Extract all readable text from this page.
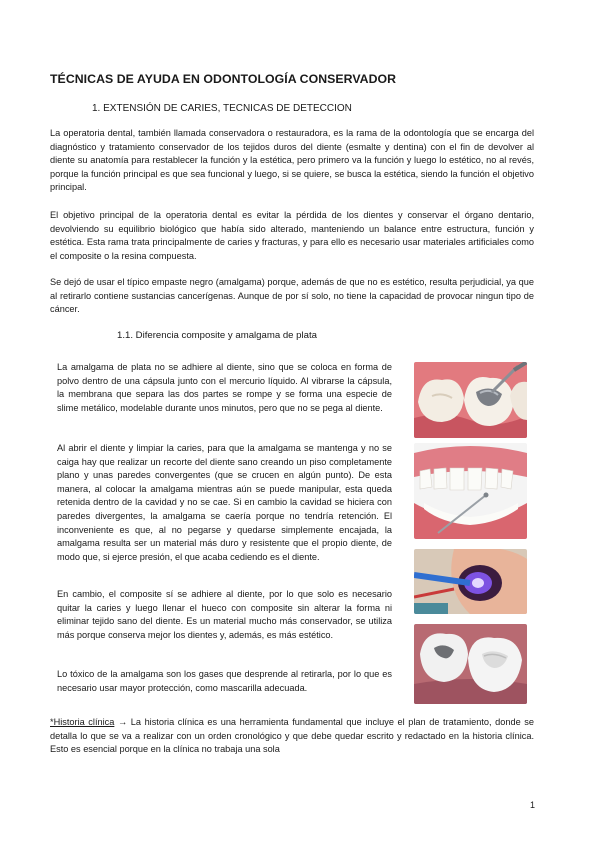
TÉCNICAS DE AYUDA EN ODONTOLOGÍA CONSERVADOR
1. EXTENSIÓN DE CARIES, TECNICAS DE DETECCION
La operatoria dental, también llamada conservadora o restauradora, es la rama de la odontología que se encarga del diagnóstico y tratamiento conservador de los tejidos duros del diente (esmalte y dentina) con el fin de devolver al diente su anatomía para restablecer la función y la estética, pero primero va la función y luego lo estético, no al revés, porque la función principal es que sea funcional y luego, si se quiere, se busca la estética, siendo la función el objetivo principal.
El objetivo principal de la operatoria dental es evitar la pérdida de los dientes y conservar el órgano dentario, devolviendo su equilibrio biológico que había sido alterado, manteniendo un balance entre estructura, función y estética. Esta rama trata principalmente de caries y fracturas, y para ello es necesario usar materiales artificiales como el composite o la resina compuesta.
Se dejó de usar el típico empaste negro (amalgama) porque, además de que no es estético, resulta perjudicial, ya que al retirarlo contiene sustancias cancerígenas. Aunque de por sí solo, no tiene la capacidad de provocar ningun tipo de cáncer.
1.1. Diferencia composite y amalgama de plata
La amalgama de plata no se adhiere al diente, sino que se coloca en forma de polvo dentro de una cápsula junto con el mercurio líquido. Al vibrarse la cápsula, la membrana que separa las dos partes se rompe y se forma una especie de slime metálico, modelable durante unos minutos, pero que no se pega al diente.
Al abrir el diente y limpiar la caries, para que la amalgama se mantenga y no se caiga hay que realizar un recorte del diente sano creando un piso completamente plano y unas paredes convergentes (que se crucen en algún punto). De esta manera, al colocar la amalgama mientras aún se puede manipular, esta queda retenida dentro de la cavidad y no se cae. Si en cambio la cavidad se hiciera con paredes divergentes, la amalgama se caería porque no tendría retención. El inconveniente es que, al no pegarse y quedarse simplemente encajada, la amalgama resulta ser un material más duro y resistente que el propio diente, de modo que, si ejerce presión, el que acaba cediendo es el diente.
En cambio, el composite sí se adhiere al diente, por lo que solo es necesario quitar la caries y luego llenar el hueco con composite sin alterar la forma ni eliminar tejido sano del diente. Es un material mucho más conservador, se utiliza más porque conserva mejor los dientes y, además, es más estético.
Lo tóxico de la amalgama son los gases que desprende al retirarla, por lo que es necesario usar mayor protección, como mascarilla adecuada.
*Historia clínica → La historia clínica es una herramienta fundamental que incluye el plan de tratamiento, donde se detalla lo que se va a realizar con un orden cronológico y que debe quedar escrito y redactado en la historia clínica. Esto es esencial porque en la clínica no trabaja una sola
1
